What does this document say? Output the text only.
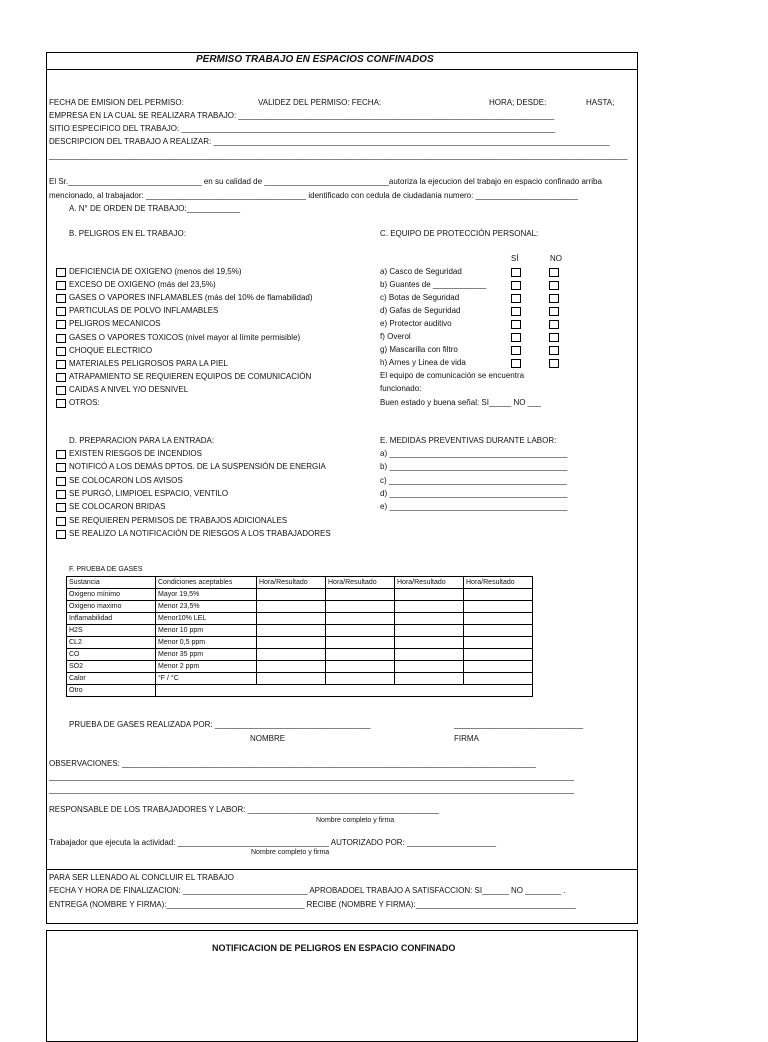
PERMISO TRABAJO EN ESPACIOS CONFINADOS
FECHA DE EMISION DEL PERMISO:	VALIDEZ DEL PERMISO: FECHA:	HORA; DESDE:	HASTA;
EMPRESA EN LA CUAL SE REALIZARA TRABAJO: _______________________________________________________________________
SITIO ESPECIFICO DEL TRABAJO: ____________________________________________________________________________________
DESCRIPCION DEL TRABAJO A REALIZAR: _________________________________________________________________________________________
__________________________________________________________________________________________________________________________________
El Sr.______________________________ en su calidad de ____________________________autoriza la ejecucion del trabajo en espacio confinado arriba
mencionado, al trabajador: ____________________________________ identificado con cedula de ciudadania numero: _______________________
A. N° DE ORDEN DE TRABAJO:____________
B. PELIGROS EN EL TRABAJO:
DEFICIENCIA DE OXIGENO (menos del 19,5%)
EXCESO DE OXIGENO (más del 23,5%)
GASES O VAPORES INFLAMABLES (más del 10% de flamabilidad)
PARTICULAS DE POLVO INFLAMABLES
PELIGROS MECANICOS
GASES O VAPORES TOXICOS (nivel mayor al límite permisible)
CHOQUE ELECTRICO
MATERIALES PELIGROSOS PARA LA PIEL
ATRAPAMIENTO SE REQUIEREN EQUIPOS DE COMUNICACIÓN
CAIDAS A NIVEL Y/O DESNIVEL
OTROS:
C. EQUIPO DE PROTECCIÓN PERSONAL:
SÍ	NO
a) Casco de Seguridad
b) Guantes de ____________
c) Botas de Seguridad
d) Gafas de Seguridad
e) Protector auditivo
f) Overol
g) Mascarilla con filtro
h) Arnes y Linea de vida
El equipo de comunicación se encuentra
funcionado:
Buen estado y buena señal: SI_____ NO ___
D. PREPARACION PARA LA ENTRADA:
EXISTEN RIESGOS DE INCENDIOS
NOTIFICÓ A LOS DEMÁS DPTOS. DE LA SUSPENSIÓN DE ENERGIA
SE COLOCARON LOS AVISOS
SE PURGÓ, LIMPIOEL ESPACIO, VENTILO
SE COLOCARON BRIDAS
SE REQUIEREN PERMISOS DE TRABAJOS ADICIONALES
SE REALIZO LA NOTIFICACIÓN DE RIESGOS A LOS TRABAJADORES
E. MEDIDAS PREVENTIVAS DURANTE LABOR:
a) ________________________________________
b) ________________________________________
c) ________________________________________
d) ________________________________________
e) ________________________________________
F. PRUEBA DE GASES
Sustancia	Condiciones aceptables	Hora/Resultado	Hora/Resultado	Hora/Resultado	Hora/Resultado
Oxigeno mínimo	Mayor 19,5%				
Oxigeno maximo	Menor 23,5%				
Inflamabilidad	Menor10% LEL				
H2S	Menor 10 ppm				
CL2	Menor 0,5 ppm				
CO	Menor 35 ppm				
SO2	Menor 2 ppm				
Calor	°F / °C				
Otro					
PRUEBA DE GASES REALIZADA POR: ___________________________________	_____________________________
NOMBRE	FIRMA
OBSERVACIONES: _____________________________________________________________________________________________
______________________________________________________________________________________________________________________
______________________________________________________________________________________________________________________
RESPONSABLE DE LOS TRABAJADORES Y LABOR: ___________________________________________
Nombre completo y firma
Trabajador que ejecuta la actividad: __________________________________ AUTORIZADO POR: ____________________
Nombre completo y firma
PARA SER LLENADO AL CONCLUIR EL TRABAJO
FECHA Y HORA DE FINALIZACION: ____________________________ APROBADOEL TRABAJO A SATISFACCION: SI______ NO ________ .
ENTREGA (NOMBRE Y FIRMA):_______________________________ RECIBE (NOMBRE Y FIRMA):____________________________________
NOTIFICACION DE PELIGROS EN ESPACIO CONFINADO
